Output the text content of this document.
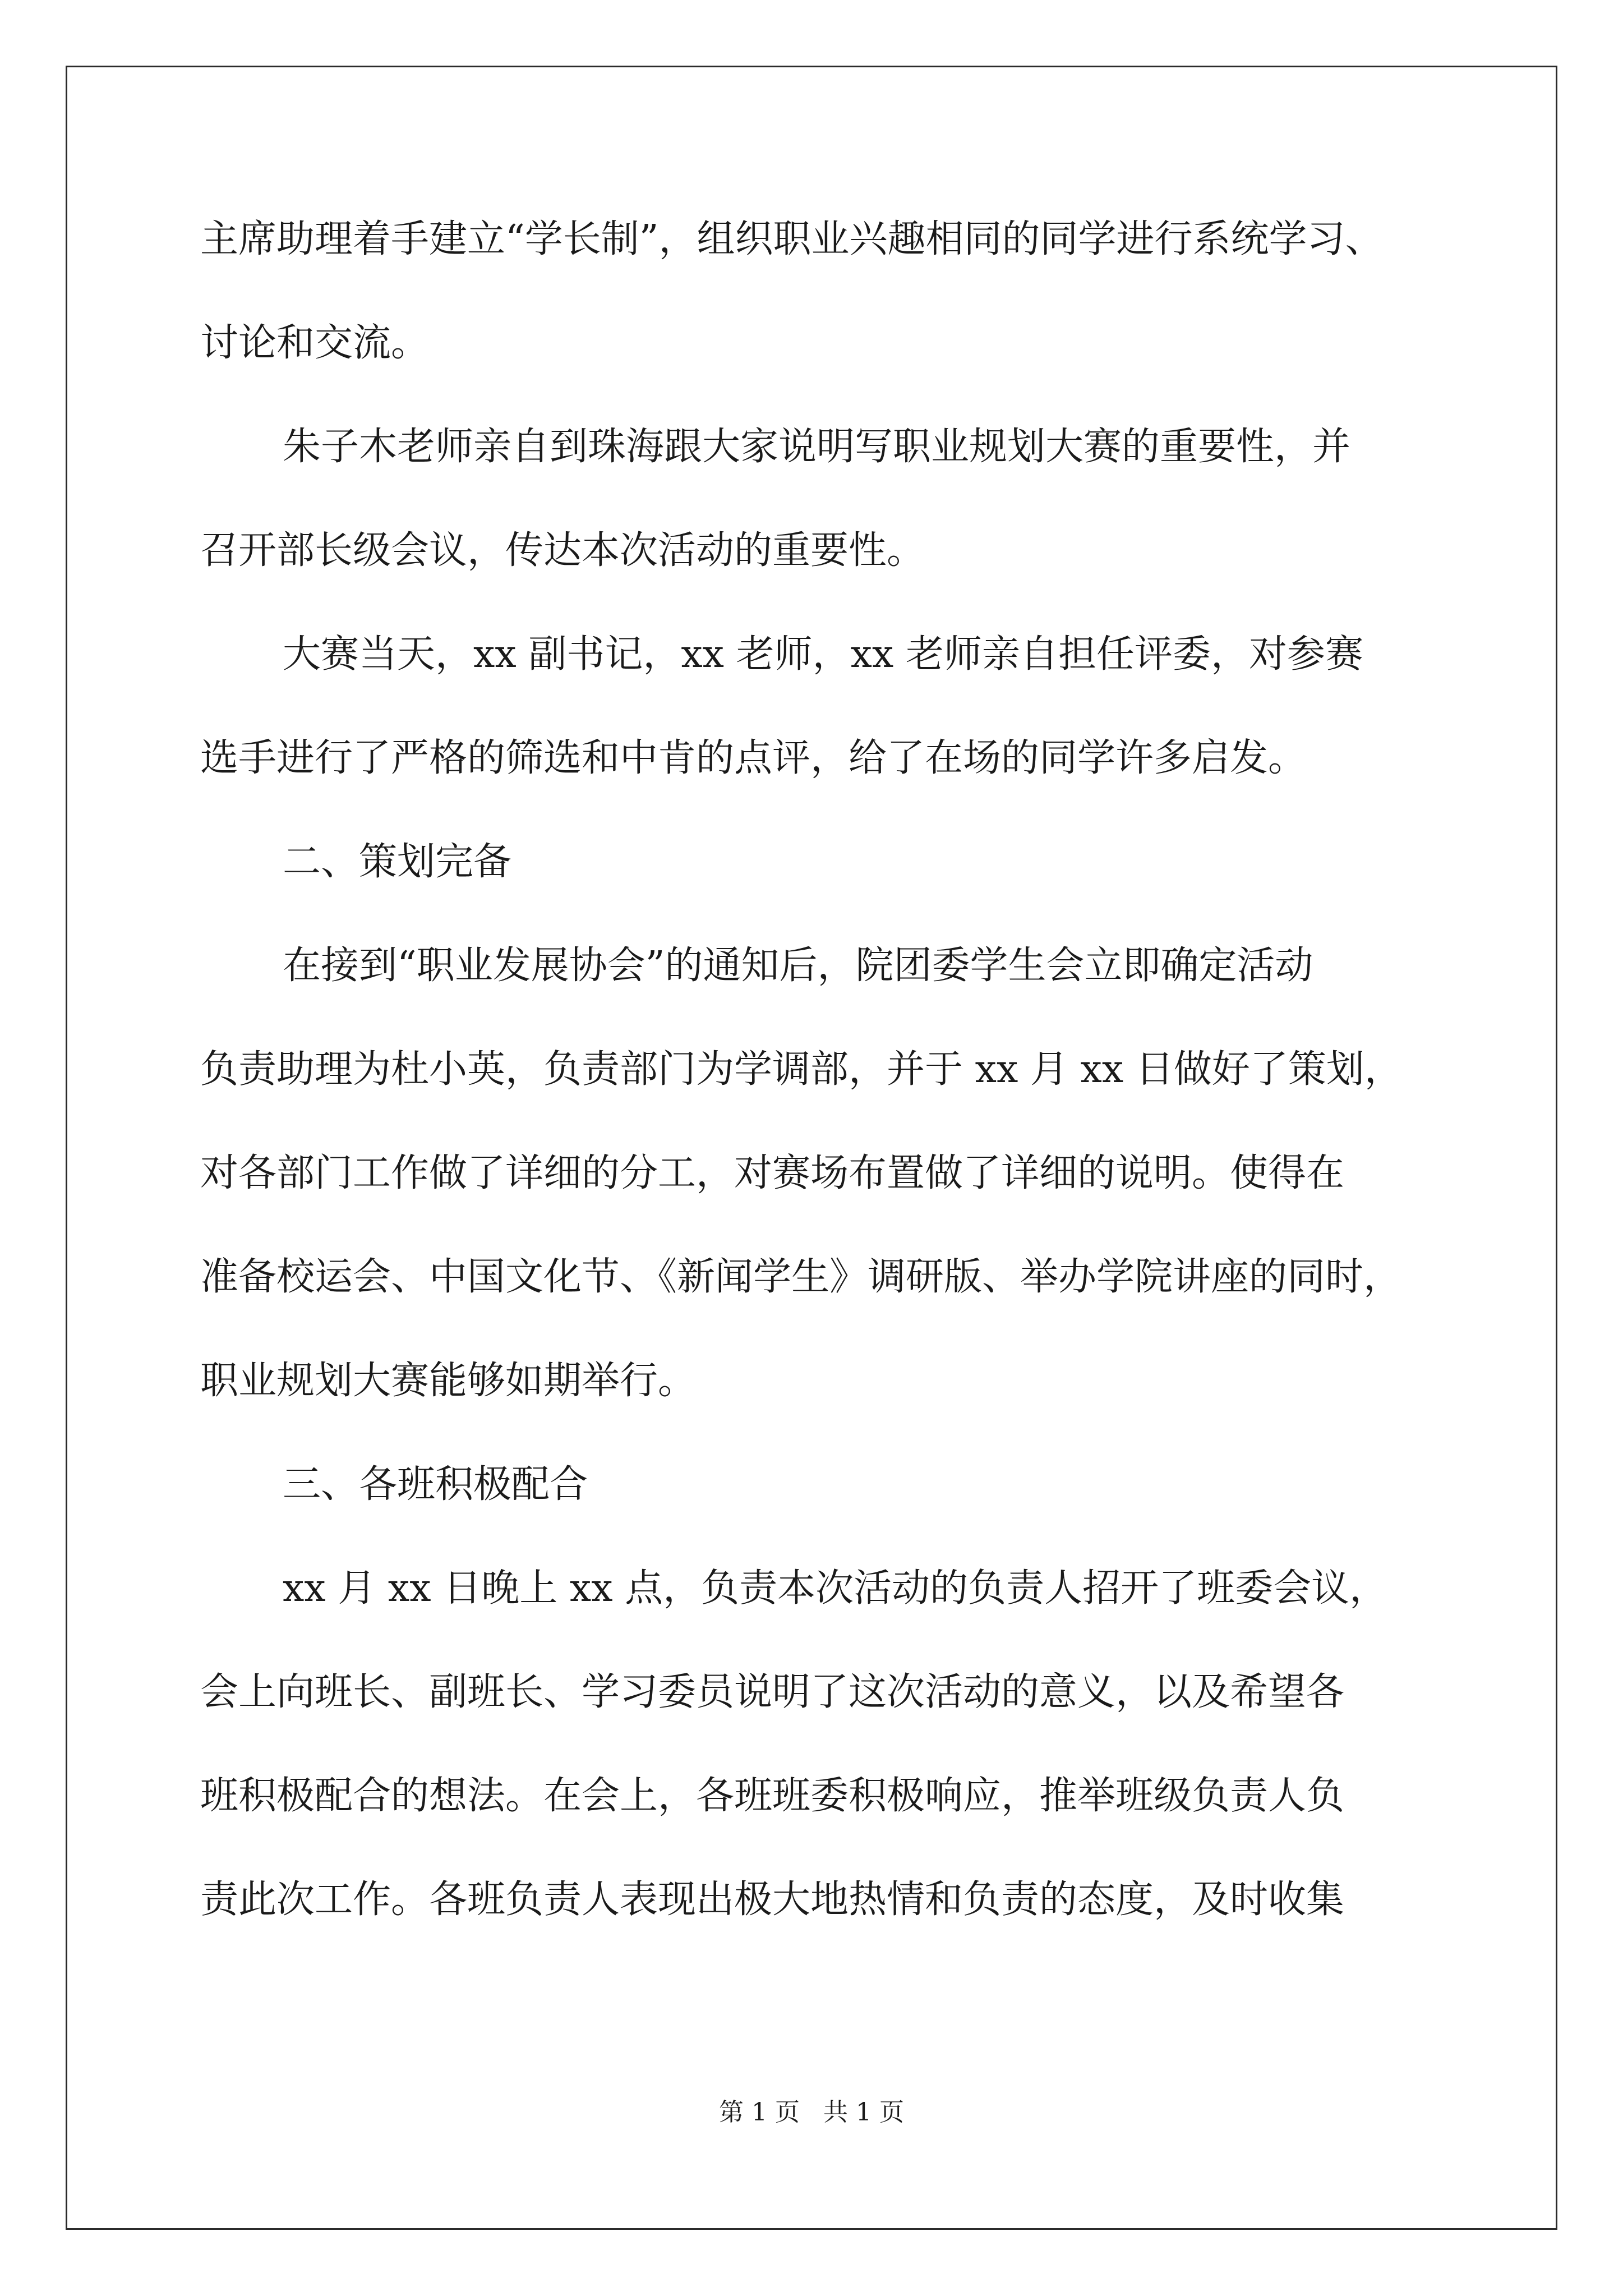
主席助理着手建立“学长制”，组织职业兴趣相同的同学进行系统学习、
讨论和交流。
朱子木老师亲自到珠海跟大家说明写职业规划大赛的重要性，并
召开部长级会议，传达本次活动的重要性。
大赛当天，xx 副书记，xx 老师，xx 老师亲自担任评委，对参赛
选手进行了严格的筛选和中肯的点评，给了在场的同学许多启发。
二、策划完备
在接到“职业发展协会”的通知后，院团委学生会立即确定活动
负责助理为杜小英，负责部门为学调部，并于 xx 月 xx 日做好了策划，
对各部门工作做了详细的分工，对赛场布置做了详细的说明。使得在
准备校运会、中国文化节、《新闻学生》调研版、举办学院讲座的同时，
职业规划大赛能够如期举行。
三、各班积极配合
xx 月 xx 日晚上 xx 点，负责本次活动的负责人招开了班委会议，
会上向班长、副班长、学习委员说明了这次活动的意义，以及希望各
班积极配合的想法。在会上，各班班委积极响应，推举班级负责人负
责此次工作。各班负责人表现出极大地热情和负责的态度，及时收集
第 1 页 共 1 页
